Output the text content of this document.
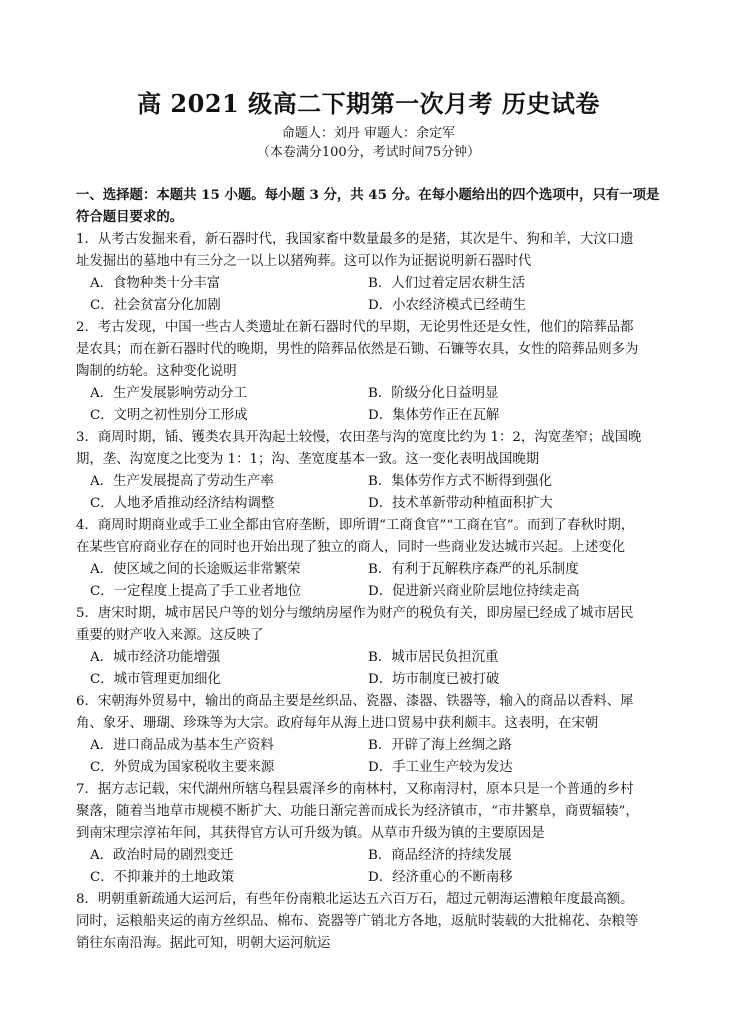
高 2021 级高二下期第一次月考 历史试卷
命题人：刘丹 审题人：余定军
（本卷满分100分，考试时间75分钟）
一、选择题：本题共 15 小题。每小题 3 分，共 45 分。在每小题给出的四个选项中，只有一项是
符合题目要求的。
1．从考古发掘来看，新石器时代，我国家畜中数量最多的是猪，其次是牛、狗和羊，大汶口遗
址发掘出的墓地中有三分之一以上以猪殉葬。这可以作为证据说明新石器时代
A．食物种类十分丰富	B．人们过着定居农耕生活
C．社会贫富分化加剧	D．小农经济模式已经萌生
2．考古发现，中国一些古人类遗址在新石器时代的早期，无论男性还是女性，他们的陪葬品都
是农具；而在新石器时代的晚期，男性的陪葬品依然是石锄、石镰等农具，女性的陪葬品则多为
陶制的纺轮。这种变化说明
A．生产发展影响劳动分工	B．阶级分化日益明显
C．文明之初性别分工形成	D．集体劳作正在瓦解
3．商周时期，锸、镬类农具开沟起土较慢，农田垄与沟的宽度比约为 1：2，沟宽垄窄；战国晚
期，垄、沟宽度之比变为 1：1；沟、垄宽度基本一致。这一变化表明战国晚期
A．生产发展提高了劳动生产率	B．集体劳作方式不断得到强化
C．人地矛盾推动经济结构调整	D．技术革新带动种植面积扩大
4．商周时期商业或手工业全都由官府垄断，即所谓“工商食官”“工商在官”。而到了春秋时期，
在某些官府商业存在的同时也开始出现了独立的商人，同时一些商业发达城市兴起。上述变化
A．使区域之间的长途贩运非常繁荣	B．有利于瓦解秩序森严的礼乐制度
C．一定程度上提高了手工业者地位	D．促进新兴商业阶层地位持续走高
5．唐宋时期，城市居民户等的划分与缴纳房屋作为财产的税负有关，即房屋已经成了城市居民
重要的财产收入来源。这反映了
A．城市经济功能增强	B．城市居民负担沉重
C．城市管理更加细化	D．坊市制度已被打破
6．宋朝海外贸易中，输出的商品主要是丝织品、瓷器、漆器、铁器等，输入的商品以香料、犀
角、象牙、珊瑚、珍珠等为大宗。政府每年从海上进口贸易中获利颇丰。这表明，在宋朝
A．进口商品成为基本生产资料	B．开辟了海上丝绸之路
C．外贸成为国家税收主要来源	D．手工业生产较为发达
7．据方志记载，宋代湖州所辖乌程县震泽乡的南林村，又称南浔村，原本只是一个普通的乡村
聚落，随着当地草市规模不断扩大、功能日渐完善而成长为经济镇市，“市井繁阜，商贾辐辏”，
到南宋理宗淳祐年间，其获得官方认可升级为镇。从草市升级为镇的主要原因是
A．政治时局的剧烈变迁	B．商品经济的持续发展
C．不抑兼并的土地政策	D．经济重心的不断南移
8．明朝重新疏通大运河后，有些年份南粮北运达五六百万石，超过元朝海运漕粮年度最高额。
同时，运粮船夹运的南方丝织品、棉布、瓷器等广销北方各地，返航时装载的大批棉花、杂粮等
销往东南沿海。据此可知，明朝大运河航运
